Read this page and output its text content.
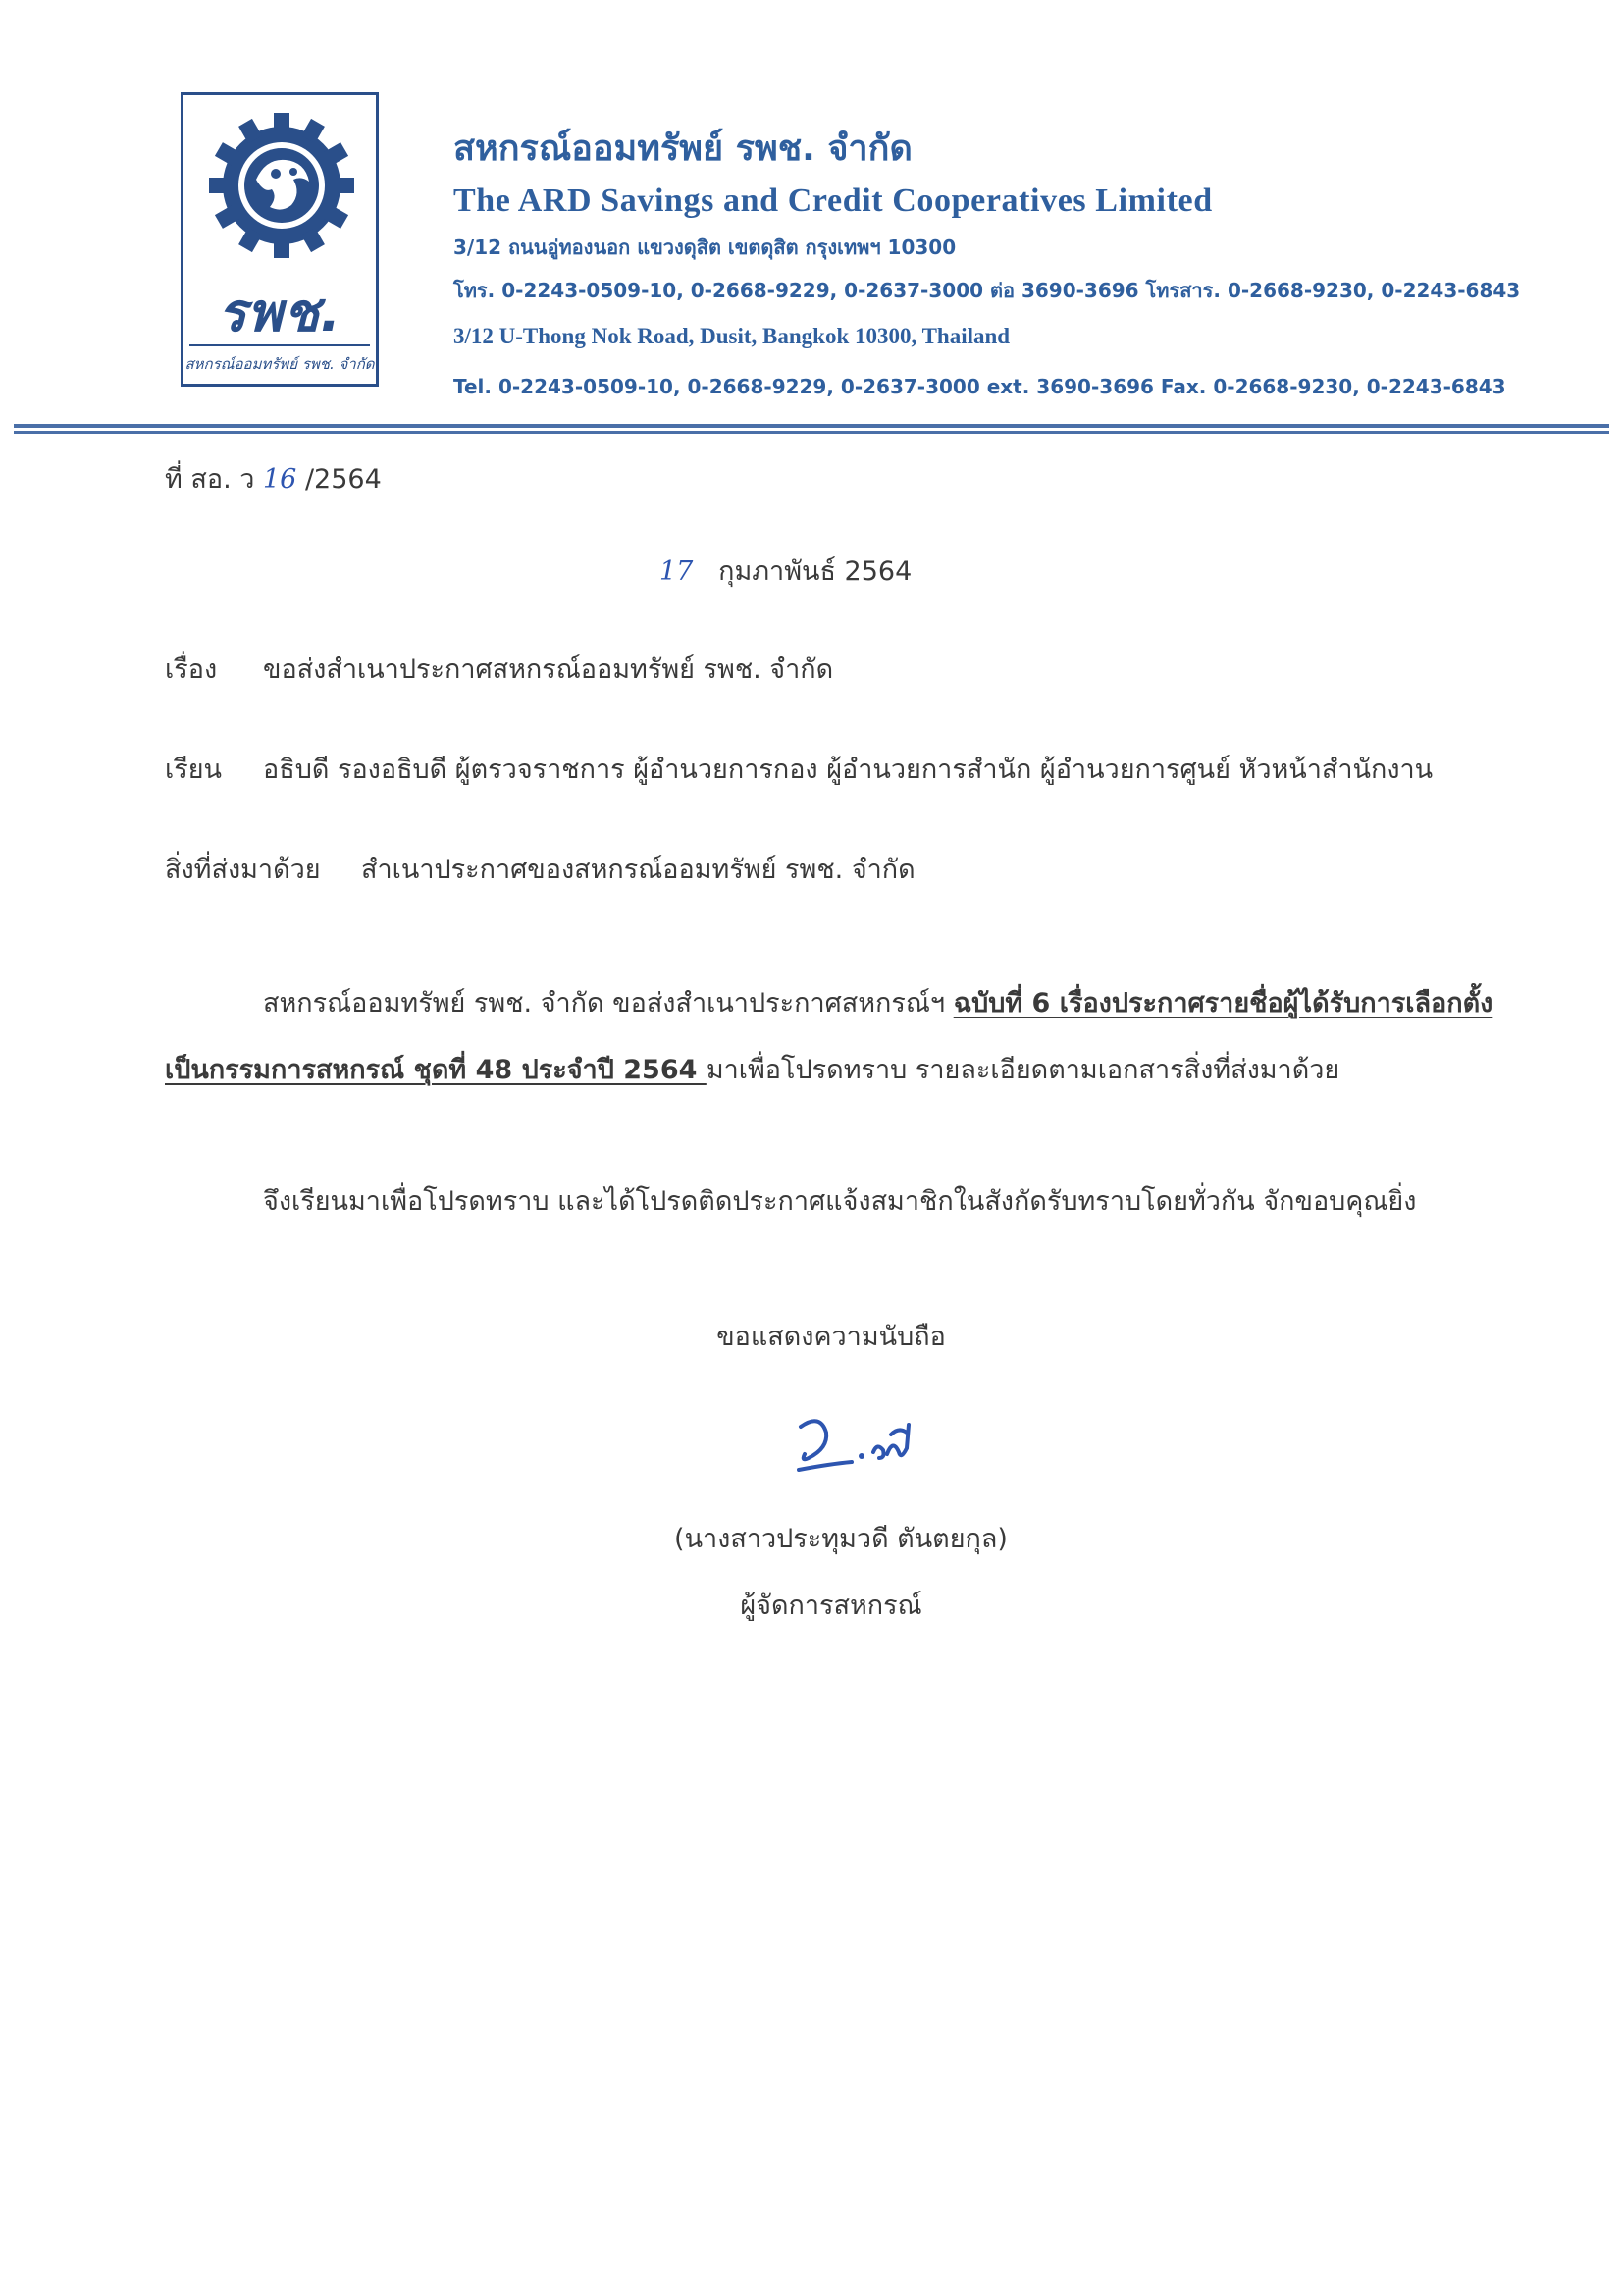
รพช.
สหกรณ์ออมทรัพย์ รพช. จำกัด
สหกรณ์ออมทรัพย์ รพช. จำกัด
The ARD Savings and Credit Cooperatives Limited
3/12 ถนนอู่ทองนอก แขวงดุสิต เขตดุสิต กรุงเทพฯ 10300
โทร. 0-2243-0509-10, 0-2668-9229, 0-2637-3000 ต่อ 3690-3696 โทรสาร. 0-2668-9230, 0-2243-6843
3/12 U-Thong Nok Road, Dusit, Bangkok 10300, Thailand
Tel. 0-2243-0509-10, 0-2668-9229, 0-2637-3000 ext. 3690-3696 Fax. 0-2668-9230, 0-2243-6843
ที่ สอ. ว 16 /2564
17 กุมภาพันธ์ 2564
เรื่อง ขอส่งสำเนาประกาศสหกรณ์ออมทรัพย์ รพช. จำกัด
เรียน อธิบดี รองอธิบดี ผู้ตรวจราชการ ผู้อำนวยการกอง ผู้อำนวยการสำนัก ผู้อำนวยการศูนย์ หัวหน้าสำนักงาน
สิ่งที่ส่งมาด้วย สำเนาประกาศของสหกรณ์ออมทรัพย์ รพช. จำกัด
สหกรณ์ออมทรัพย์ รพช. จำกัด ขอส่งสำเนาประกาศสหกรณ์ฯ ฉบับที่ 6 เรื่องประกาศรายชื่อผู้ได้รับการเลือกตั้ง
เป็นกรรมการสหกรณ์ ชุดที่ 48 ประจำปี 2564 มาเพื่อโปรดทราบ รายละเอียดตามเอกสารสิ่งที่ส่งมาด้วย
จึงเรียนมาเพื่อโปรดทราบ และได้โปรดติดประกาศแจ้งสมาชิกในสังกัดรับทราบโดยทั่วกัน จักขอบคุณยิ่ง
ขอแสดงความนับถือ
(นางสาวประทุมวดี ตันตยกุล)
ผู้จัดการสหกรณ์
